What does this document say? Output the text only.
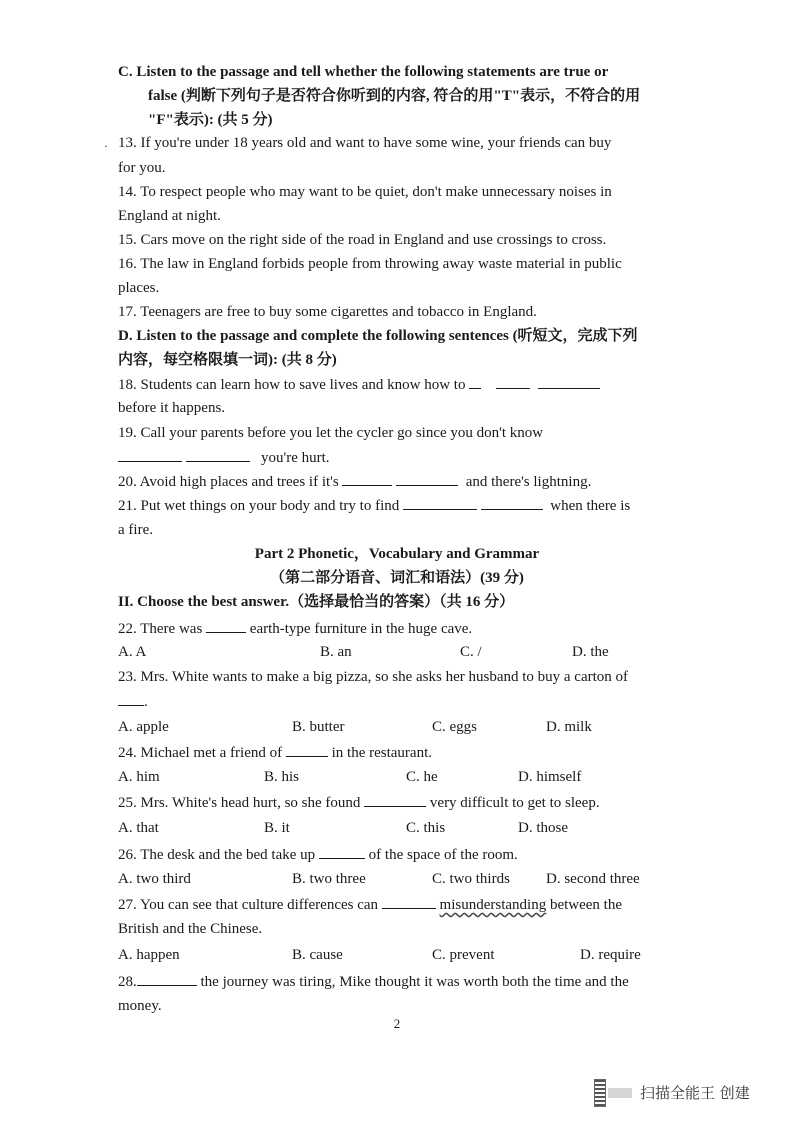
·
C. Listen to the passage and tell whether the following statements are true or
false (判断下列句子是否符合你听到的内容, 符合的用"T"表示，不符合的用
"F"表示): (共 5 分)
13. If you're under 18 years old and want to have some wine, your friends can buy
for you.
14. To respect people who may want to be quiet, don't make unnecessary noises in
England at night.
15. Cars move on the right side of the road in England and use crossings to cross.
16. The law in England forbids people from throwing away waste material in public
places.
17. Teenagers are free to buy some cigarettes and tobacco in England.
D. Listen to the passage and complete the following sentences (听短文，完成下列
内容，每空格限填一词): (共 8 分)
18. Students can learn how to save lives and know how to
before it happens.
19. Call your parents before you let the cycler go since you don't know
you're hurt.
20. Avoid high places and trees if it's	and there's lightning.
21. Put wet things on your body and try to find	when there is
a fire.
Part 2 Phonetic，Vocabulary and Grammar
（第二部分语音、词汇和语法）(39 分)
II. Choose the best answer.（选择最恰当的答案）（共 16 分）
22. There was	earth-type furniture in the huge cave.
A. A	B. an	C. /	D. the
23. Mrs. White wants to make a big pizza, so she asks her husband to buy a carton of
.
A. apple	B. butter	C. eggs	D. milk
24. Michael met a friend of	in the restaurant.
A. him	B. his	C. he	D. himself
25. Mrs. White's head hurt, so she found	very difficult to get to sleep.
A. that	B. it	C. this	D. those
26. The desk and the bed take up	of the space of the room.
A. two third	B. two three	C. two thirds D. second three
27. You can see that culture differences can	misunderstanding between the
British and the Chinese.
A. happen	B. cause	C. prevent	D. require
28.	the journey was tiring, Mike thought it was worth both the time and the
money.
2
扫描全能王 创建
